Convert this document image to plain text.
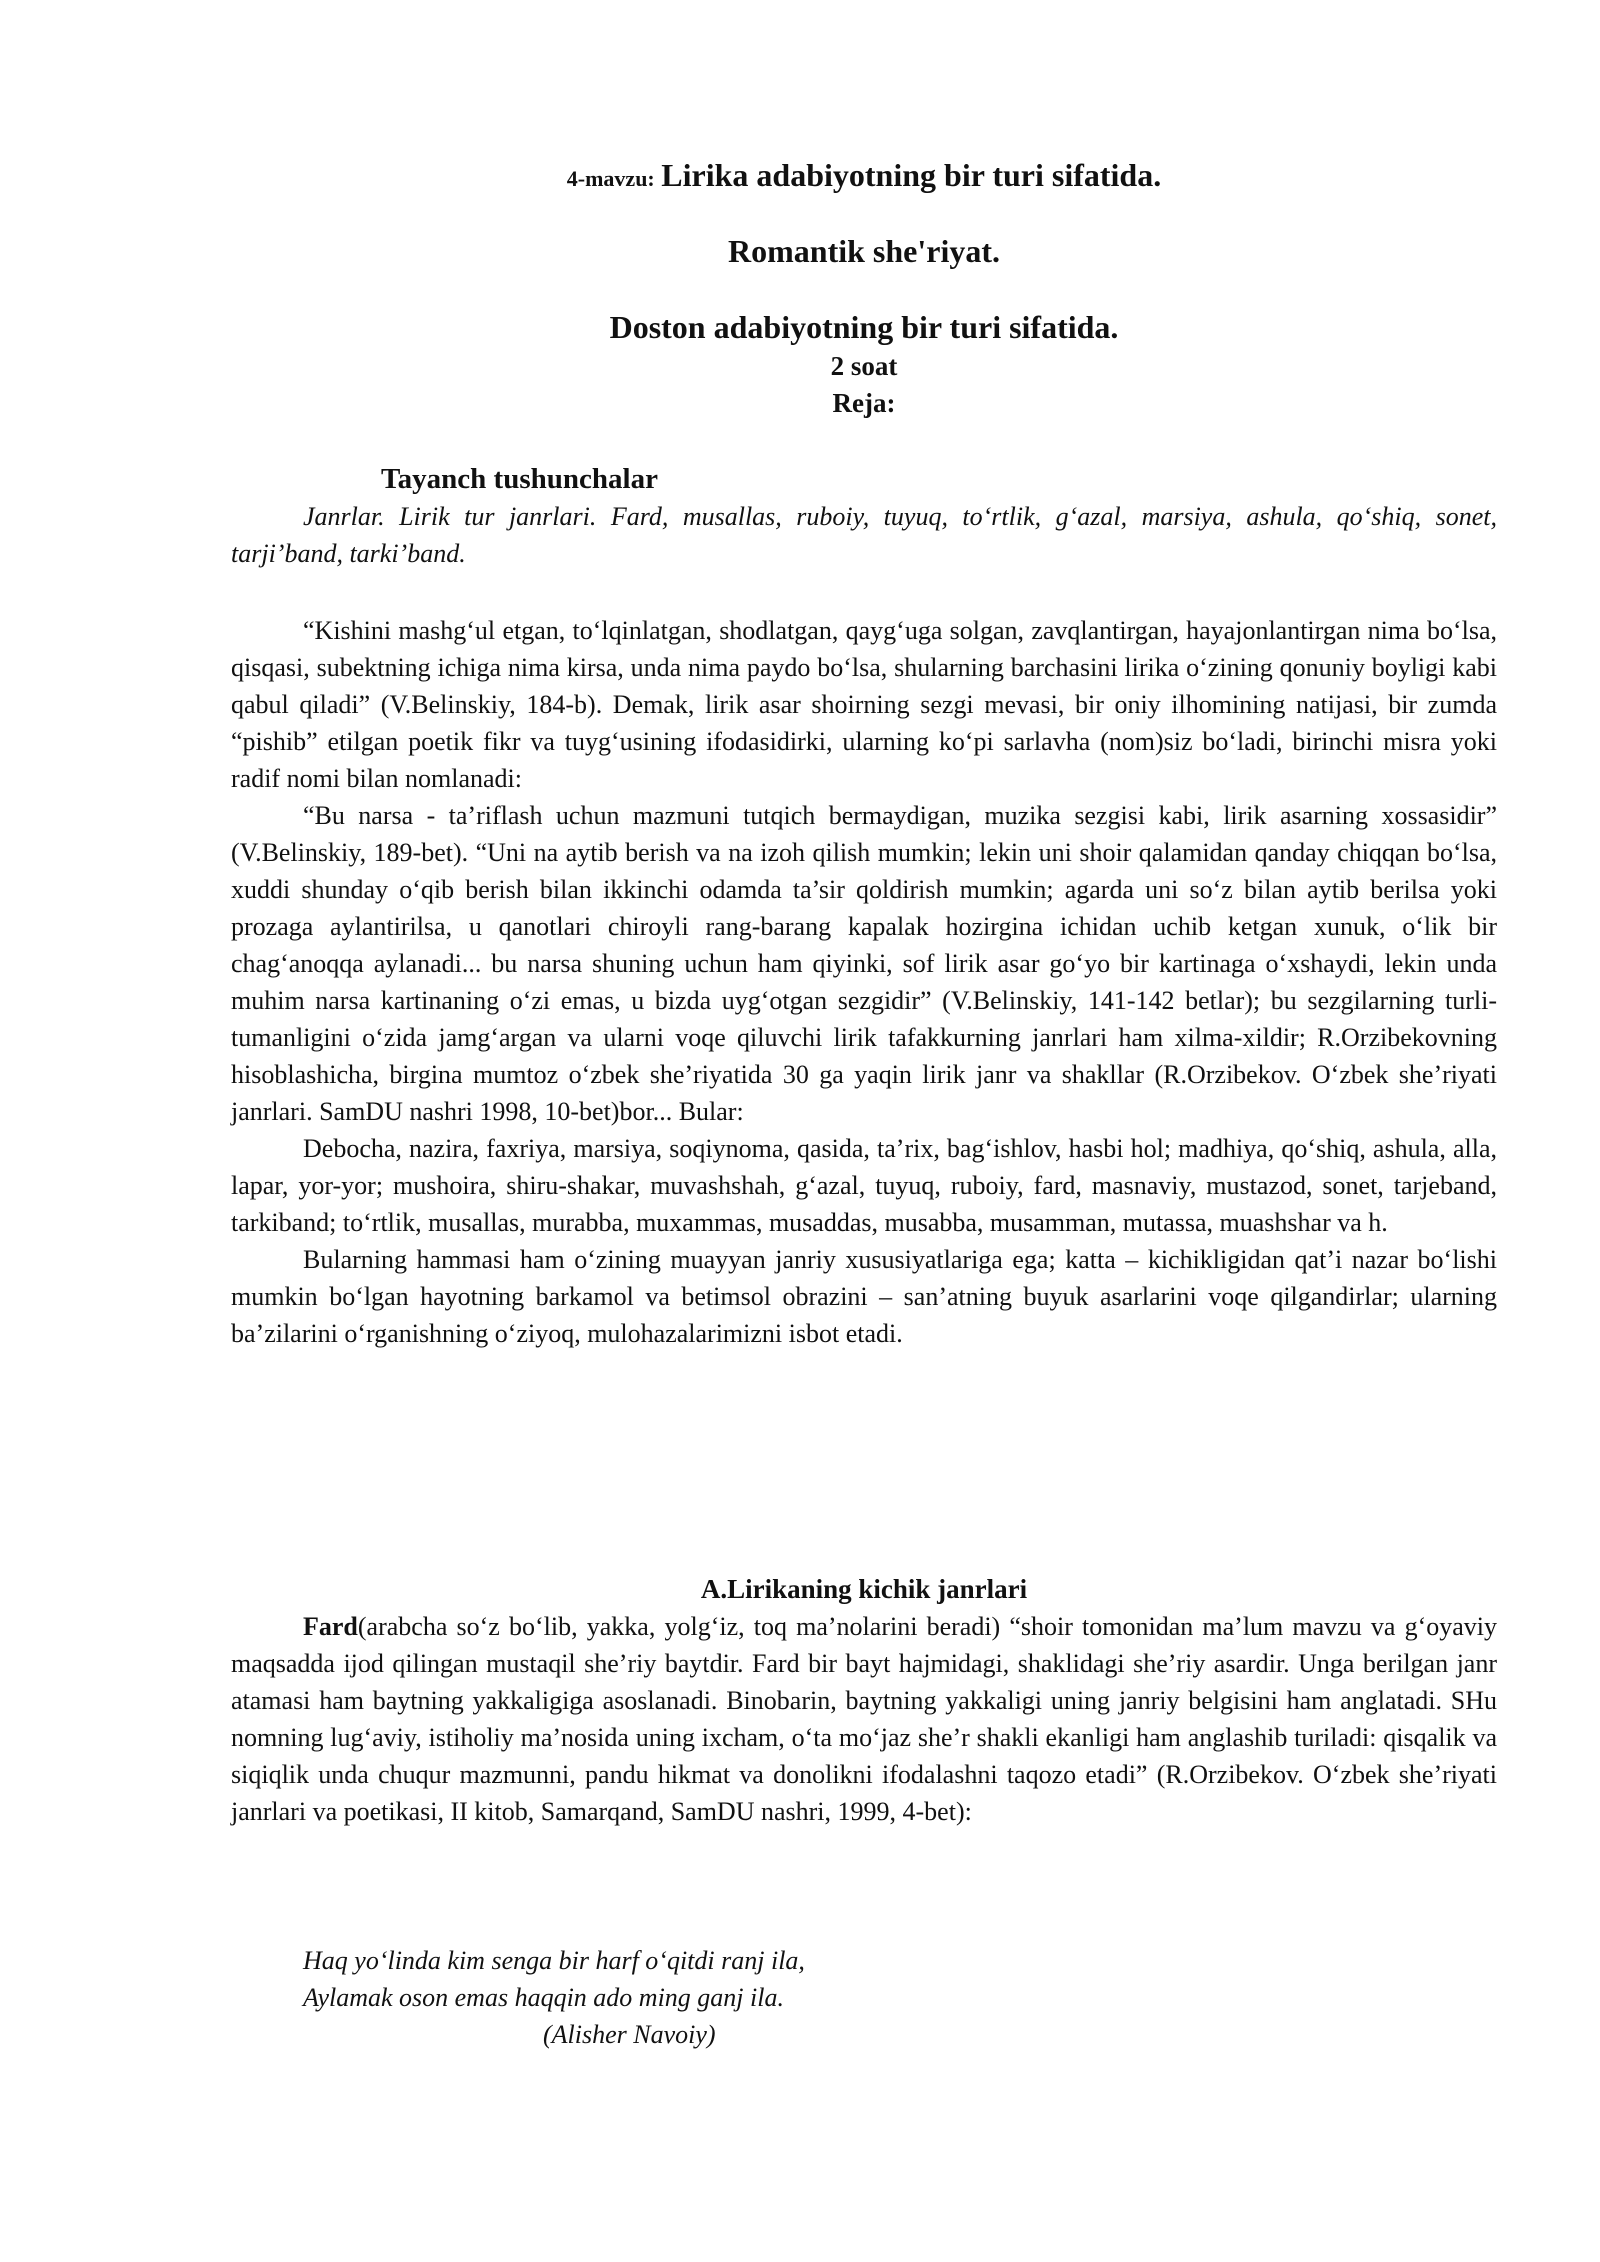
4-mavzu: Lirika adabiyotning bir turi sifatida.
Romantik she'riyat.
Doston adabiyotning bir turi sifatida.
2 soat
Reja:
Tayanch tushunchalar

Janrlar. Lirik tur janrlari. Fard, musallas, ruboiy, tuyuq, to‘rtlik, g‘azal, marsiya, ashula, qo‘shiq, sonet, tarji’band, tarki’band.

“Kishini mashg‘ul etgan, to‘lqinlatgan, shodlatgan, qayg‘uga solgan, zavqlantirgan, hayajonlantirgan nima bo‘lsa, qisqasi, subektning ichiga nima kirsa, unda nima paydo bo‘lsa, shularning barchasini lirika o‘zining qonuniy boyligi kabi qabul qiladi” (V.Belinskiy, 184-b). Demak, lirik asar shoirning sezgi mevasi, bir oniy ilhomining natijasi, bir zumda “pishib” etilgan poetik fikr va tuyg‘usining ifodasidirki, ularning ko‘pi sarlavha (nom)siz bo‘ladi, birinchi misra yoki radif nomi bilan nomlanadi:

“Bu narsa - ta’riflash uchun mazmuni tutqich bermaydigan, muzika sezgisi kabi, lirik asarning xossasidir” (V.Belinskiy, 189-bet). “Uni na aytib berish va na izoh qilish mumkin; lekin uni shoir qalamidan qanday chiqqan bo‘lsa, xuddi shunday o‘qib berish bilan ikkinchi odamda ta’sir qoldirish mumkin; agarda uni so‘z bilan aytib berilsa yoki prozaga aylantirilsa, u qanotlari chiroyli rang-barang kapalak hozirgina ichidan uchib ketgan xunuk, o‘lik bir chag‘anoqqa aylanadi... bu narsa shuning uchun ham qiyinki, sof lirik asar go‘yo bir kartinaga o‘xshaydi, lekin unda muhim narsa kartinaning o‘zi emas, u bizda uyg‘otgan sezgidir” (V.Belinskiy, 141-142 betlar); bu sezgilarning turli-tumanligini o‘zida jamg‘argan va ularni voqe qiluvchi lirik tafakkurning janrlari ham xilma-xildir; R.Orzibekovning hisoblashicha, birgina mumtoz o‘zbek she’riyatida 30 ga yaqin lirik janr va shakllar (R.Orzibekov. O‘zbek she’riyati janrlari. SamDU nashri 1998, 10-bet)bor... Bular:

Debocha, nazira, faxriya, marsiya, soqiynoma, qasida, ta’rix, bag‘ishlov, hasbi hol; madhiya, qo‘shiq, ashula, alla, lapar, yor-yor; mushoira, shiru-shakar, muvashshah, g‘azal, tuyuq, ruboiy, fard, masnaviy, mustazod, sonet, tarjeband, tarkiband; to‘rtlik, musallas, murabba, muxammas, musaddas, musabba, musamman, mutassa, muashshar va h.

Bularning hammasi ham o‘zining muayyan janriy xususiyatlariga ega; katta – kichikligidan qat’i nazar bo‘lishi mumkin bo‘lgan hayotning barkamol va betimsol obrazini – san’atning buyuk asarlarini voqe qilgandirlar; ularning ba’zilarini o‘rganishning o‘ziyoq, mulohazalarimizni isbot etadi.

A.Lirikaning kichik janrlari

Fard(arabcha so‘z bo‘lib, yakka, yolg‘iz, toq ma’nolarini beradi) “shoir tomonidan ma’lum mavzu va g‘oyaviy maqsadda ijod qilingan mustaqil she’riy baytdir. Fard bir bayt hajmidagi, shaklidagi she’riy asardir. Unga berilgan janr atamasi ham baytning yakkaligiga asoslanadi. Binobarin, baytning yakkaligi uning janriy belgisini ham anglatadi. SHu nomning lug‘aviy, istiholiy ma’nosida uning ixcham, o‘ta mo‘jaz she’r shakli ekanligi ham anglashib turiladi: qisqalik va siqiqlik unda chuqur mazmunni, pandu hikmat va donolikni ifodalashni taqozo etadi” (R.Orzibekov. O‘zbek she’riyati janrlari va poetikasi, II kitob, Samarqand, SamDU nashri, 1999, 4-bet):

Haq yo‘linda kim senga bir harf o‘qitdi ranj ila,
Aylamak oson emas haqqin ado ming ganj ila.
(Alisher Navoiy)
